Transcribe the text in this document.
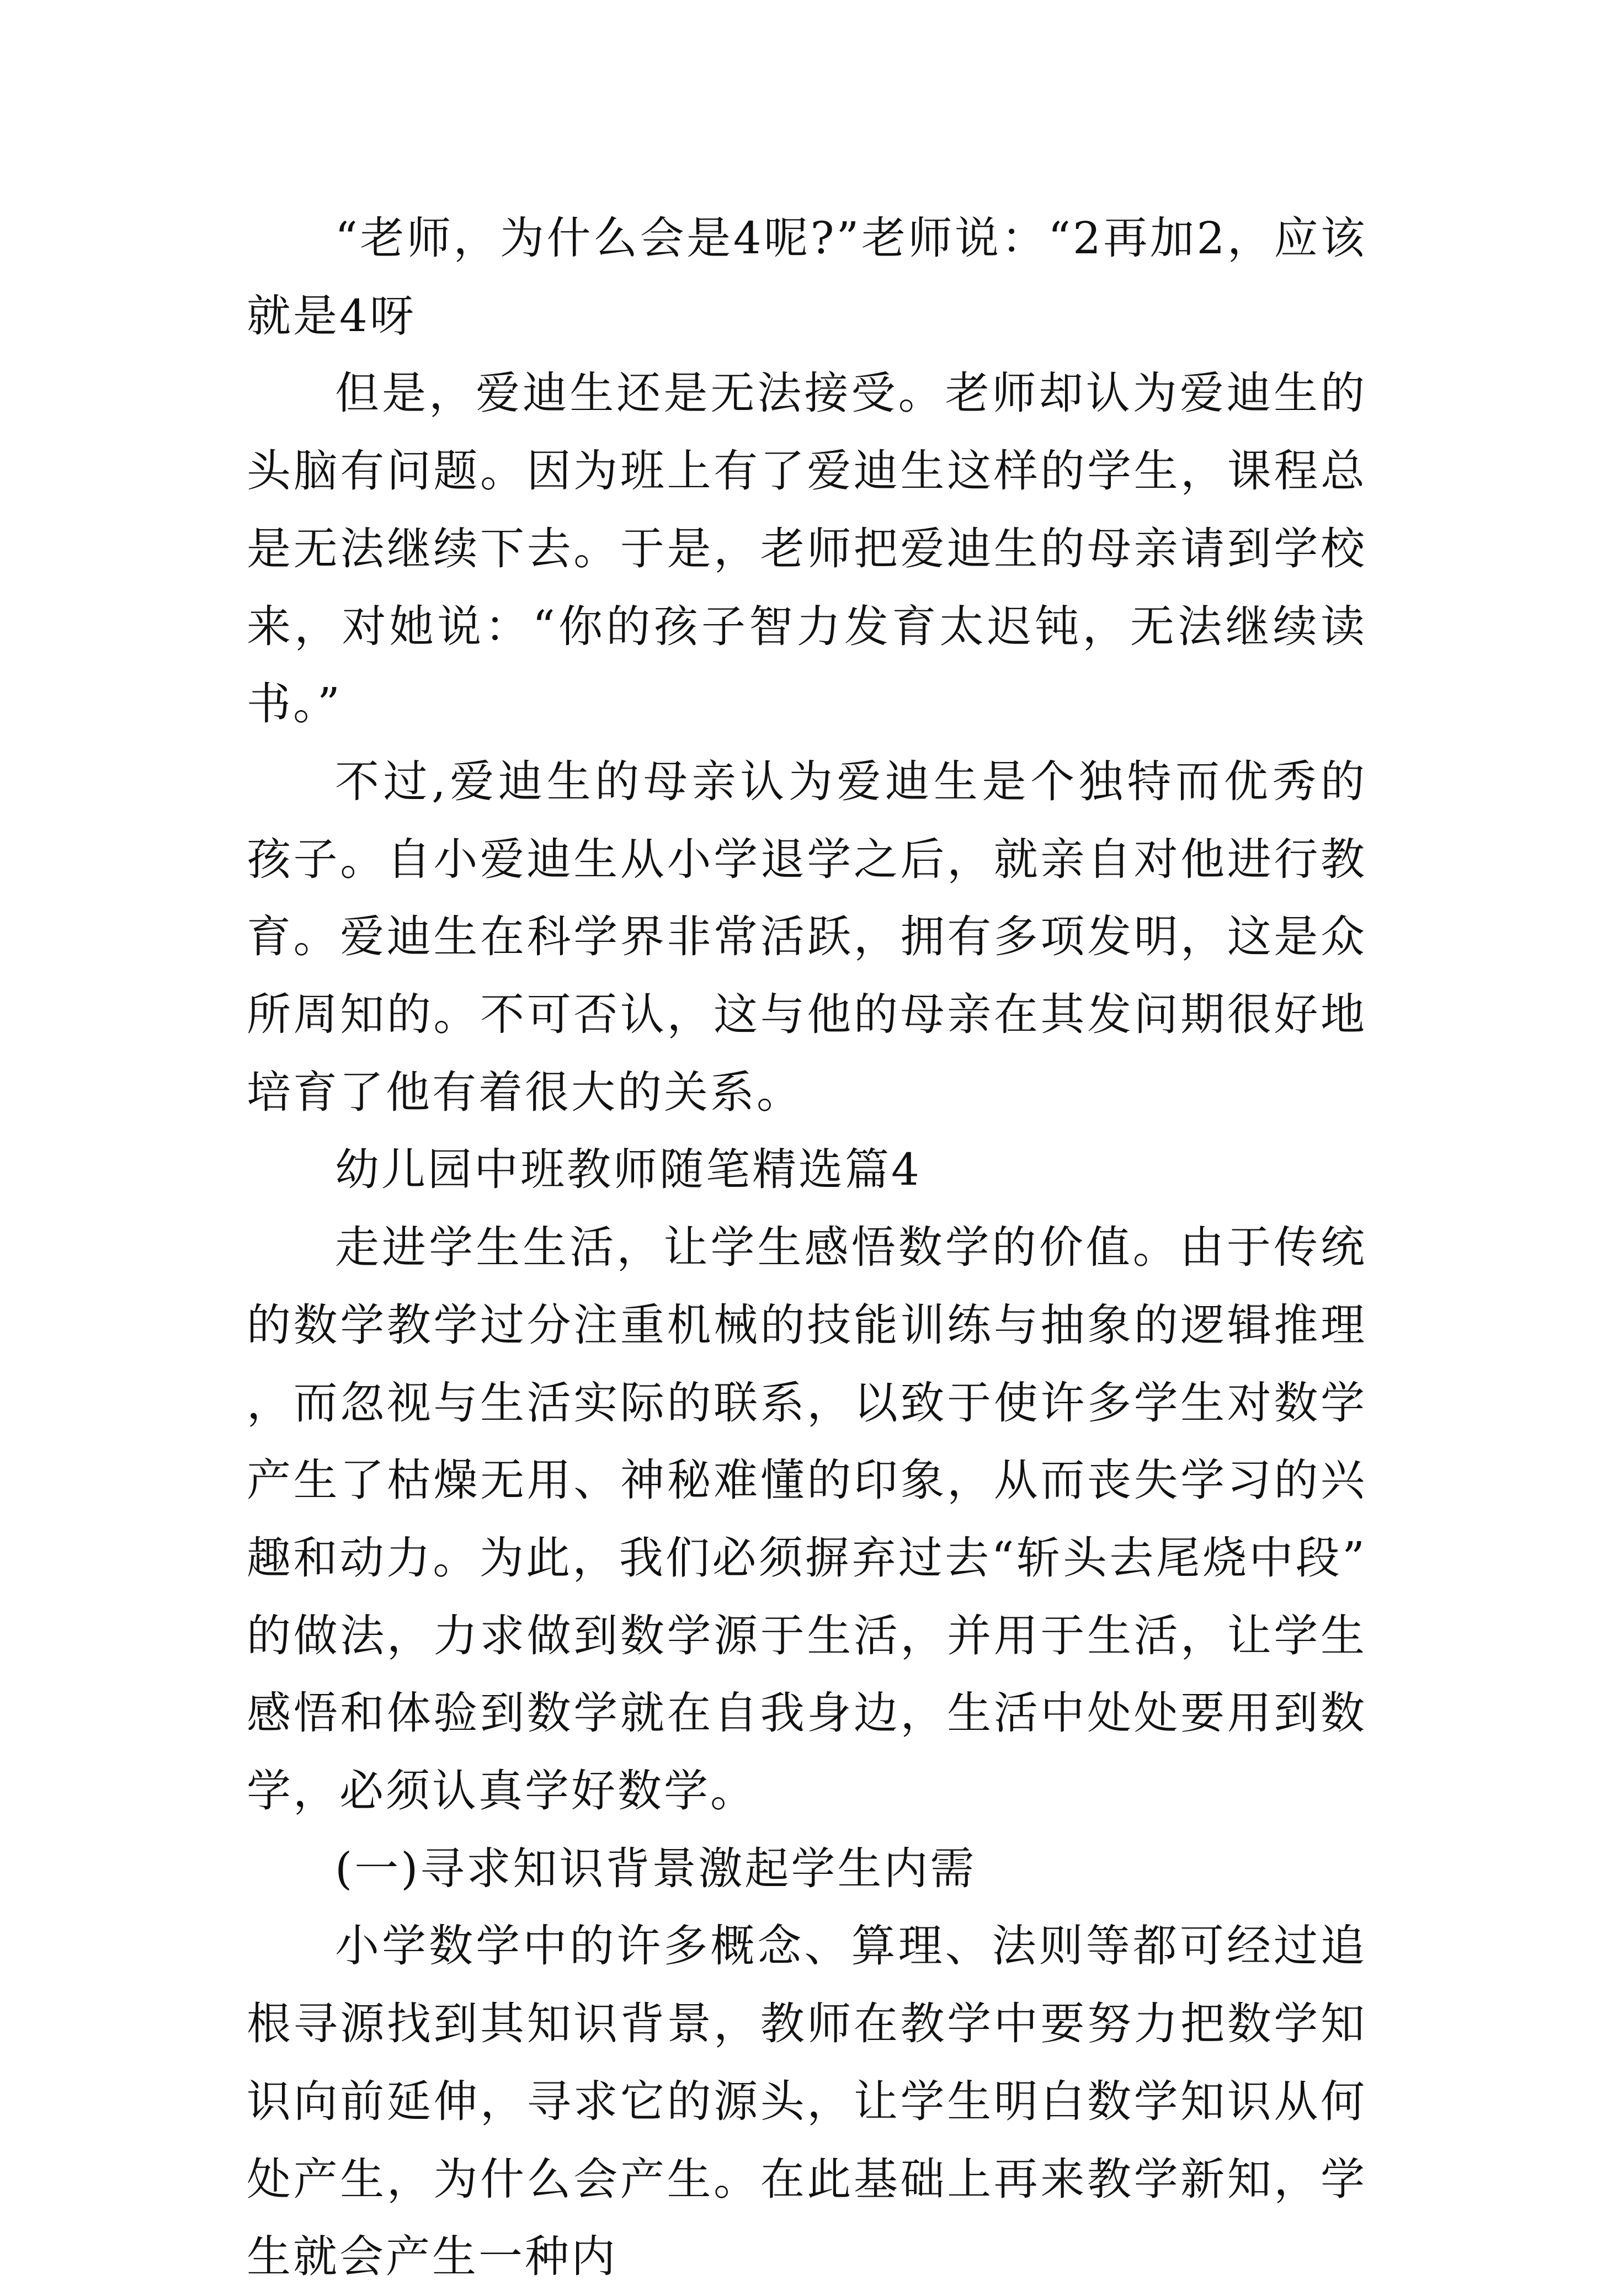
“老师，为什么会是4呢?”老师说：“2再加2，应该就是4呀

但是，爱迪生还是无法接受。老师却认为爱迪生的头脑有问题。因为班上有了爱迪生这样的学生，课程总是无法继续下去。于是，老师把爱迪生的母亲请到学校来，对她说：“你的孩子智力发育太迟钝，无法继续读书。”

不过,爱迪生的母亲认为爱迪生是个独特而优秀的孩子。自小爱迪生从小学退学之后，就亲自对他进行教育。爱迪生在科学界非常活跃，拥有多项发明，这是众所周知的。不可否认，这与他的母亲在其发问期很好地培育了他有着很大的关系。

幼儿园中班教师随笔精选篇4

走进学生生活，让学生感悟数学的价值。由于传统的数学教学过分注重机械的技能训练与抽象的逻辑推理，而忽视与生活实际的联系，以致于使许多学生对数学产生了枯燥无用、神秘难懂的印象，从而丧失学习的兴趣和动力。为此，我们必须摒弃过去“斩头去尾烧中段”的做法，力求做到数学源于生活，并用于生活，让学生感悟和体验到数学就在自我身边，生活中处处要用到数学，必须认真学好数学。

(一)寻求知识背景激起学生内需

小学数学中的许多概念、算理、法则等都可经过追根寻源找到其知识背景，教师在教学中要努力把数学知识向前延伸，寻求它的源头，让学生明白数学知识从何处产生，为什么会产生。在此基础上再来教学新知，学生就会产生一种内
